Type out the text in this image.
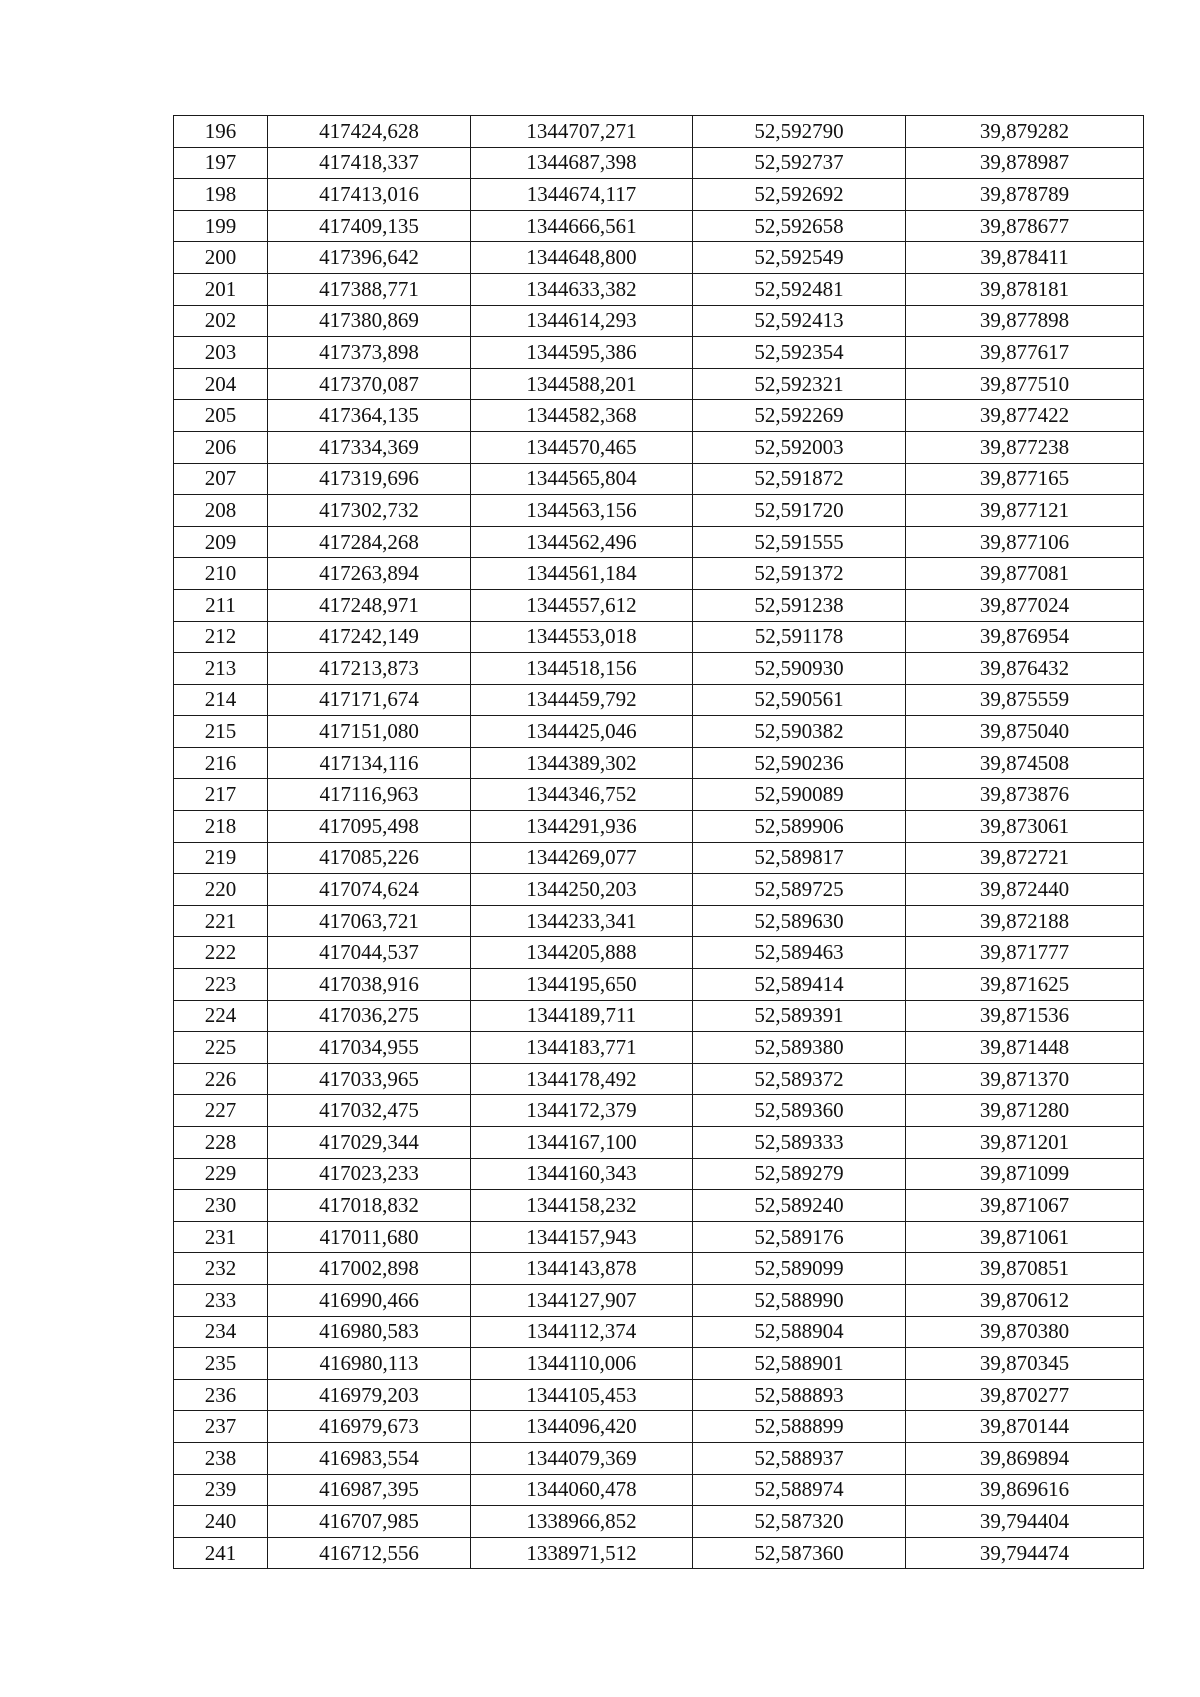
196	417424,628	1344707,271	52,592790	39,879282
197	417418,337	1344687,398	52,592737	39,878987
198	417413,016	1344674,117	52,592692	39,878789
199	417409,135	1344666,561	52,592658	39,878677
200	417396,642	1344648,800	52,592549	39,878411
201	417388,771	1344633,382	52,592481	39,878181
202	417380,869	1344614,293	52,592413	39,877898
203	417373,898	1344595,386	52,592354	39,877617
204	417370,087	1344588,201	52,592321	39,877510
205	417364,135	1344582,368	52,592269	39,877422
206	417334,369	1344570,465	52,592003	39,877238
207	417319,696	1344565,804	52,591872	39,877165
208	417302,732	1344563,156	52,591720	39,877121
209	417284,268	1344562,496	52,591555	39,877106
210	417263,894	1344561,184	52,591372	39,877081
211	417248,971	1344557,612	52,591238	39,877024
212	417242,149	1344553,018	52,591178	39,876954
213	417213,873	1344518,156	52,590930	39,876432
214	417171,674	1344459,792	52,590561	39,875559
215	417151,080	1344425,046	52,590382	39,875040
216	417134,116	1344389,302	52,590236	39,874508
217	417116,963	1344346,752	52,590089	39,873876
218	417095,498	1344291,936	52,589906	39,873061
219	417085,226	1344269,077	52,589817	39,872721
220	417074,624	1344250,203	52,589725	39,872440
221	417063,721	1344233,341	52,589630	39,872188
222	417044,537	1344205,888	52,589463	39,871777
223	417038,916	1344195,650	52,589414	39,871625
224	417036,275	1344189,711	52,589391	39,871536
225	417034,955	1344183,771	52,589380	39,871448
226	417033,965	1344178,492	52,589372	39,871370
227	417032,475	1344172,379	52,589360	39,871280
228	417029,344	1344167,100	52,589333	39,871201
229	417023,233	1344160,343	52,589279	39,871099
230	417018,832	1344158,232	52,589240	39,871067
231	417011,680	1344157,943	52,589176	39,871061
232	417002,898	1344143,878	52,589099	39,870851
233	416990,466	1344127,907	52,588990	39,870612
234	416980,583	1344112,374	52,588904	39,870380
235	416980,113	1344110,006	52,588901	39,870345
236	416979,203	1344105,453	52,588893	39,870277
237	416979,673	1344096,420	52,588899	39,870144
238	416983,554	1344079,369	52,588937	39,869894
239	416987,395	1344060,478	52,588974	39,869616
240	416707,985	1338966,852	52,587320	39,794404
241	416712,556	1338971,512	52,587360	39,794474
